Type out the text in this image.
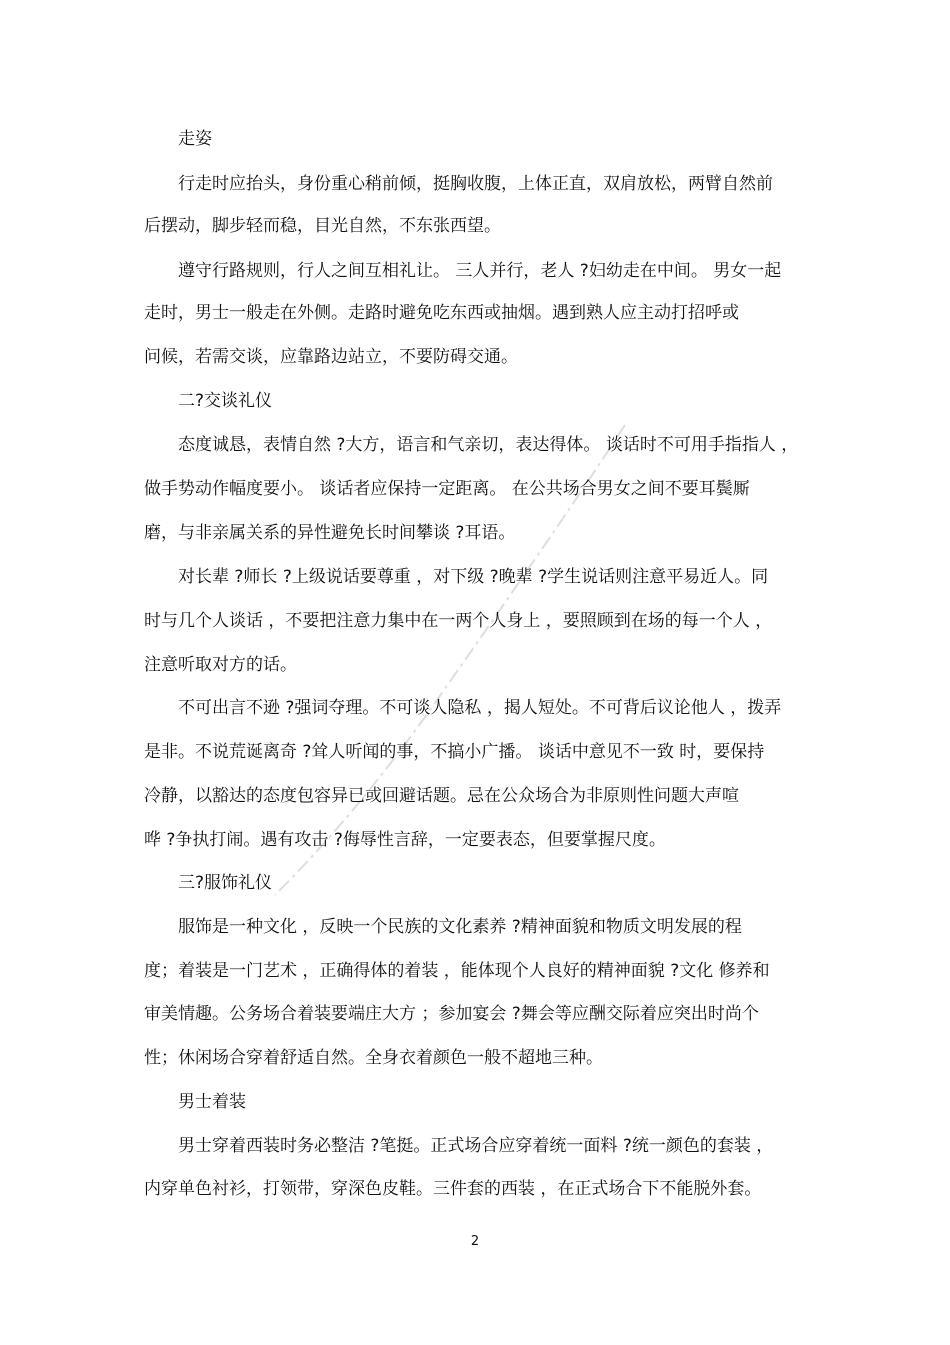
走姿
行走时应抬头，身份重心稍前倾，挺胸收腹，上体正直，双肩放松，两臂自然前
后摆动，脚步轻而稳，目光自然，不东张西望。
遵守行路规则，行人之间互相礼让。 三人并行，老人 ?妇幼走在中间。 男女一起
走时，男士一般走在外侧。走路时避免吃东西或抽烟。遇到熟人应主动打招呼或
问候，若需交谈，应靠路边站立，不要防碍交通。
二?交谈礼仪
态度诚恳，表情自然 ?大方，语言和气亲切，表达得体。 谈话时不可用手指指人 ，
做手势动作幅度要小。 谈话者应保持一定距离。 在公共场合男女之间不要耳鬓厮
磨，与非亲属关系的异性避免长时间攀谈 ?耳语。
对长辈 ?师长 ?上级说话要尊重 ，对下级 ?晚辈 ?学生说话则注意平易近人。同
时与几个人谈话 ，不要把注意力集中在一两个人身上 ，要照顾到在场的每一个人 ，
注意听取对方的话。
不可出言不逊 ?强词夺理。不可谈人隐私 ，揭人短处。不可背后议论他人 ，拨弄
是非。不说荒诞离奇 ?耸人听闻的事，不搞小广播。 谈话中意见不一致 时，要保持
冷静，以豁达的态度包容异已或回避话题。忌在公众场合为非原则性问题大声喧
哗 ?争执打闹。遇有攻击 ?侮辱性言辞，一定要表态，但要掌握尺度。
三?服饰礼仪
服饰是一种文化 ，反映一个民族的文化素养 ?精神面貌和物质文明发展的程
度；着装是一门艺术 ，正确得体的着装 ，能体现个人良好的精神面貌 ?文化 修养和
审美情趣。公务场合着装要端庄大方 ；参加宴会 ?舞会等应酬交际着应突出时尚个
性；休闲场合穿着舒适自然。全身衣着颜色一般不超地三种。
男士着装
男士穿着西装时务必整洁 ?笔挺。正式场合应穿着统一面料 ?统一颜色的套装 ，
内穿单色衬衫，打领带，穿深色皮鞋。三件套的西装 ，在正式场合下不能脱外套。
2
